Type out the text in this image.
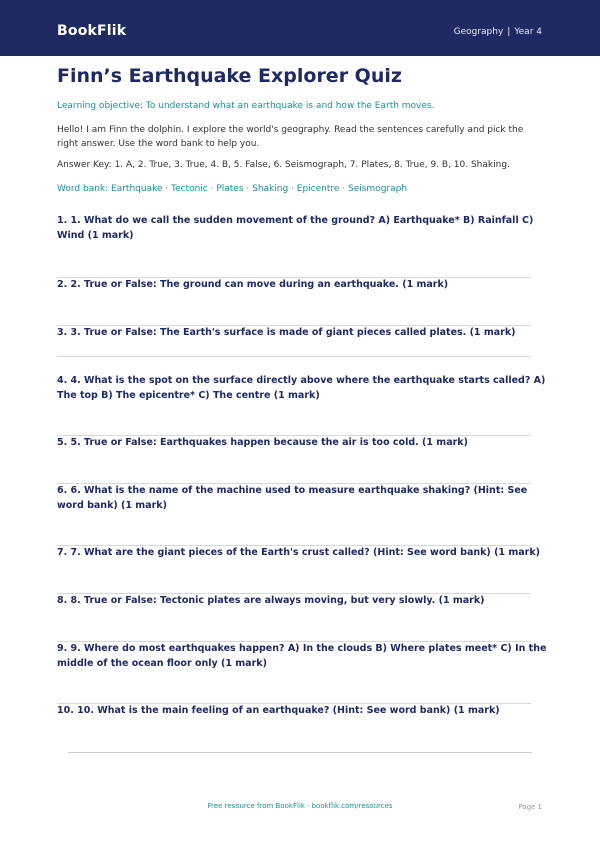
BookFlik	Geography | Year 4
Finn’s Earthquake Explorer Quiz
Learning objective: To understand what an earthquake is and how the Earth moves.
Hello! I am Finn the dolphin. I explore the world's geography. Read the sentences carefully and pick the right answer. Use the word bank to help you.
Answer Key: 1. A, 2. True, 3. True, 4. B, 5. False, 6. Seismograph, 7. Plates, 8. True, 9. B, 10. Shaking.
Word bank: Earthquake · Tectonic · Plates · Shaking · Epicentre · Seismograph
1. 1. What do we call the sudden movement of the ground? A) Earthquake* B) Rainfall C) Wind (1 mark)
2. 2. True or False: The ground can move during an earthquake. (1 mark)
3. 3. True or False: The Earth's surface is made of giant pieces called plates. (1 mark)
4. 4. What is the spot on the surface directly above where the earthquake starts called? A) The top B) The epicentre* C) The centre (1 mark)
5. 5. True or False: Earthquakes happen because the air is too cold. (1 mark)
6. 6. What is the name of the machine used to measure earthquake shaking? (Hint: See word bank) (1 mark)
7. 7. What are the giant pieces of the Earth's crust called? (Hint: See word bank) (1 mark)
8. 8. True or False: Tectonic plates are always moving, but very slowly. (1 mark)
9. 9. Where do most earthquakes happen? A) In the clouds B) Where plates meet* C) In the middle of the ocean floor only (1 mark)
10. 10. What is the main feeling of an earthquake? (Hint: See word bank) (1 mark)
Free resource from BookFlik · bookflik.com/resources	Page 1
